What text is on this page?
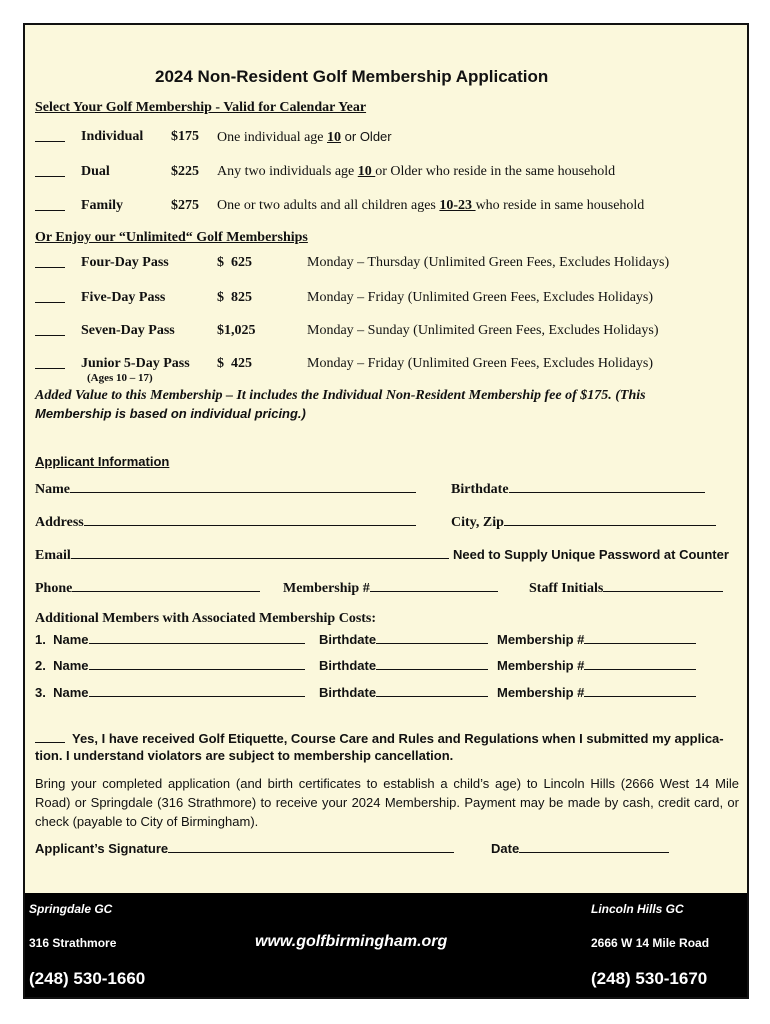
2024 Non-Resident Golf Membership Application
Select Your Golf Membership - Valid for Calendar Year
Individual $175 One individual age 10 or Older
Dual	$225 Any two individuals age 10 or Older who reside in the same household
Family	$275 One or two adults and all children ages 10-23 who reside in same household
Or Enjoy our “Unlimited“ Golf Memberships
Four-Day Pass	$  625	Monday – Thursday (Unlimited Green Fees, Excludes Holidays)
Five-Day Pass	$  825	Monday – Friday (Unlimited Green Fees, Excludes Holidays)
Seven-Day Pass	$1,025	Monday – Sunday (Unlimited Green Fees, Excludes Holidays)
Junior 5-Day Pass $  425	Monday – Friday (Unlimited Green Fees, Excludes Holidays)
(Ages 10 – 17)
Added Value to this Membership – It includes the Individual Non-Resident Membership fee of $175. (This
Membership is based on individual pricing.)
Applicant Information
Name	Birthdate
Address	City, Zip
Email	Need to Supply Unique Password at Counter
Phone	Membership #	Staff Initials
Additional Members with Associated Membership Costs:
1. Name	Birthdate	Membership #
2. Name	Birthdate	Membership #
3. Name	Birthdate	Membership #
Yes, I have received Golf Etiquette, Course Care and Rules and Regulations when I submitted my applica-
tion. I understand violators are subject to membership cancellation.
Bring your completed application (and birth certificates to establish a child’s age) to Lincoln Hills (2666 West 14 Mile Road) or Springdale (316 Strathmore) to receive your 2024 Membership. Payment may be made by cash, credit card, or check (payable to City of Birmingham).
Applicant’s Signature	Date
Springdale GC
316 Strathmore
(248) 530-1660
www.golfbirmingham.org
Lincoln Hills GC
2666 W 14 Mile Road
(248) 530-1670
